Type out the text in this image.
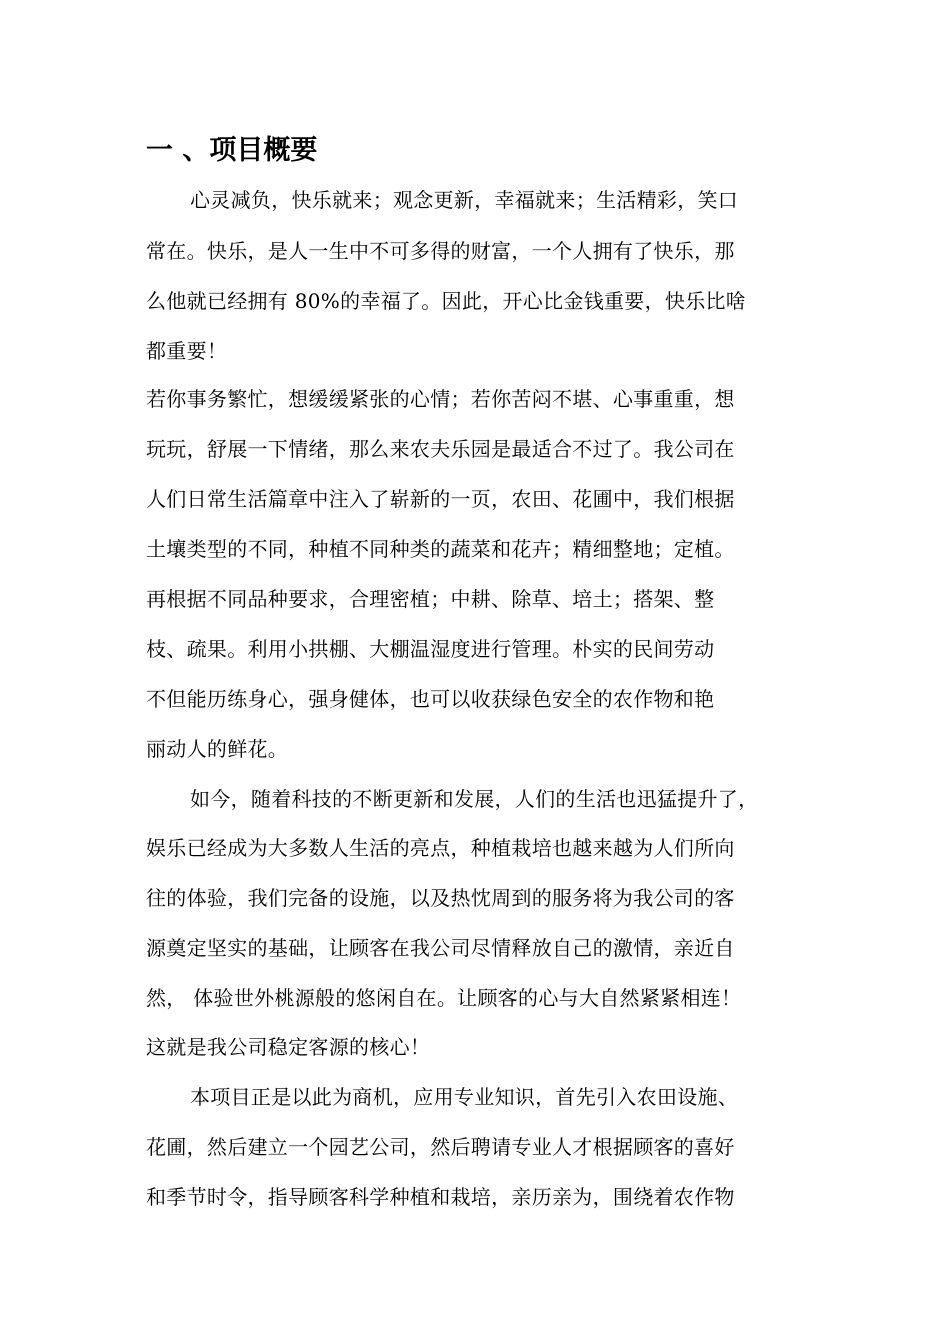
一 、项目概要
心灵减负，快乐就来；观念更新，幸福就来；生活精彩，笑口
常在。快乐，是人一生中不可多得的财富，一个人拥有了快乐，那
么他就已经拥有 80%的幸福了。因此，开心比金钱重要，快乐比啥
都重要！
若你事务繁忙，想缓缓紧张的心情；若你苦闷不堪、心事重重，想
玩玩，舒展一下情绪，那么来农夫乐园是最适合不过了。我公司在
人们日常生活篇章中注入了崭新的一页，农田、花圃中，我们根据
土壤类型的不同，种植不同种类的蔬菜和花卉；精细整地；定植。
再根据不同品种要求，合理密植；中耕、除草、培土；搭架、整
枝、疏果。利用小拱棚、大棚温湿度进行管理。朴实的民间劳动
不但能历练身心，强身健体，也可以收获绿色安全的农作物和艳
丽动人的鲜花。
如今，随着科技的不断更新和发展，人们的生活也迅猛提升了，
娱乐已经成为大多数人生活的亮点，种植栽培也越来越为人们所向
往的体验，我们完备的设施，以及热忱周到的服务将为我公司的客
源奠定坚实的基础，让顾客在我公司尽情释放自己的激情，亲近自
然， 体验世外桃源般的悠闲自在。让顾客的心与大自然紧紧相连！
这就是我公司稳定客源的核心！
本项目正是以此为商机，应用专业知识，首先引入农田设施、
花圃，然后建立一个园艺公司，然后聘请专业人才根据顾客的喜好
和季节时令，指导顾客科学种植和栽培，亲历亲为，围绕着农作物
